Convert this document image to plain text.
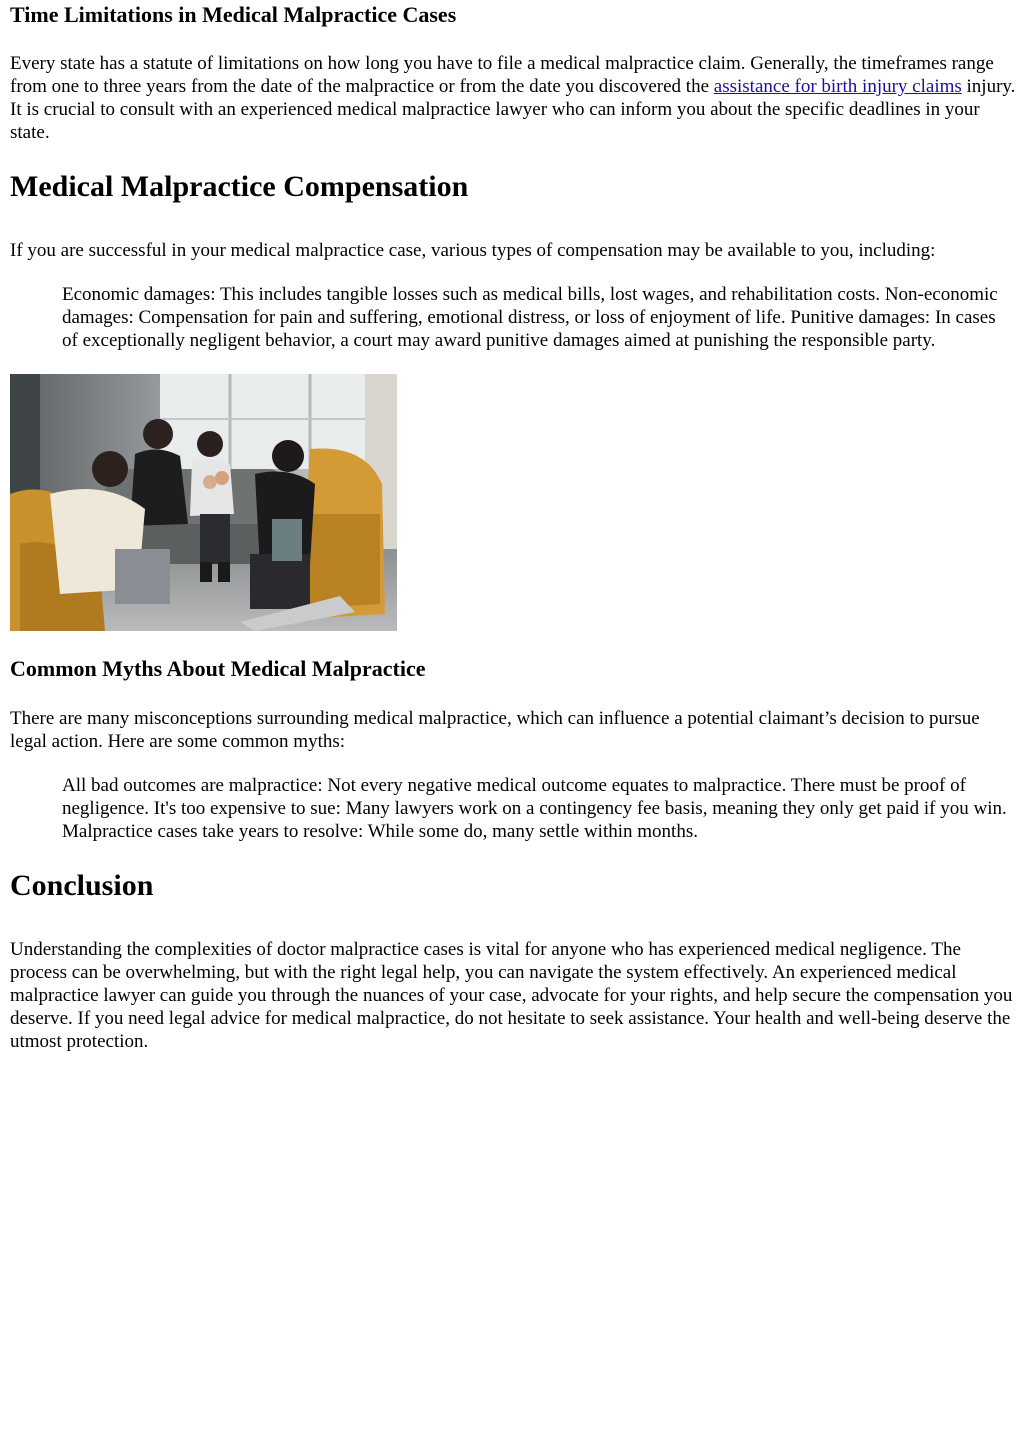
Time Limitations in Medical Malpractice Cases

Every state has a statute of limitations on how long you have to file a medical malpractice claim. Generally, the timeframes range from one to three years from the date of the malpractice or from the date you discovered the assistance for birth injury claims injury. It is crucial to consult with an experienced medical malpractice lawyer who can inform you about the specific deadlines in your state.

Medical Malpractice Compensation

If you are successful in your medical malpractice case, various types of compensation may be available to you, including:

Economic damages: This includes tangible losses such as medical bills, lost wages, and rehabilitation costs. Non-economic damages: Compensation for pain and suffering, emotional distress, or loss of enjoyment of life. Punitive damages: In cases of exceptionally negligent behavior, a court may award punitive damages aimed at punishing the responsible party.
Common Myths About Medical Malpractice

There are many misconceptions surrounding medical malpractice, which can influence a potential claimant’s decision to pursue legal action. Here are some common myths:

All bad outcomes are malpractice: Not every negative medical outcome equates to malpractice. There must be proof of negligence. It's too expensive to sue: Many lawyers work on a contingency fee basis, meaning they only get paid if you win. Malpractice cases take years to resolve: While some do, many settle within months.
Conclusion

Understanding the complexities of doctor malpractice cases is vital for anyone who has experienced medical negligence. The process can be overwhelming, but with the right legal help, you can navigate the system effectively. An experienced medical malpractice lawyer can guide you through the nuances of your case, advocate for your rights, and help secure the compensation you deserve. If you need legal advice for medical malpractice, do not hesitate to seek assistance. Your health and well-being deserve the utmost protection.
